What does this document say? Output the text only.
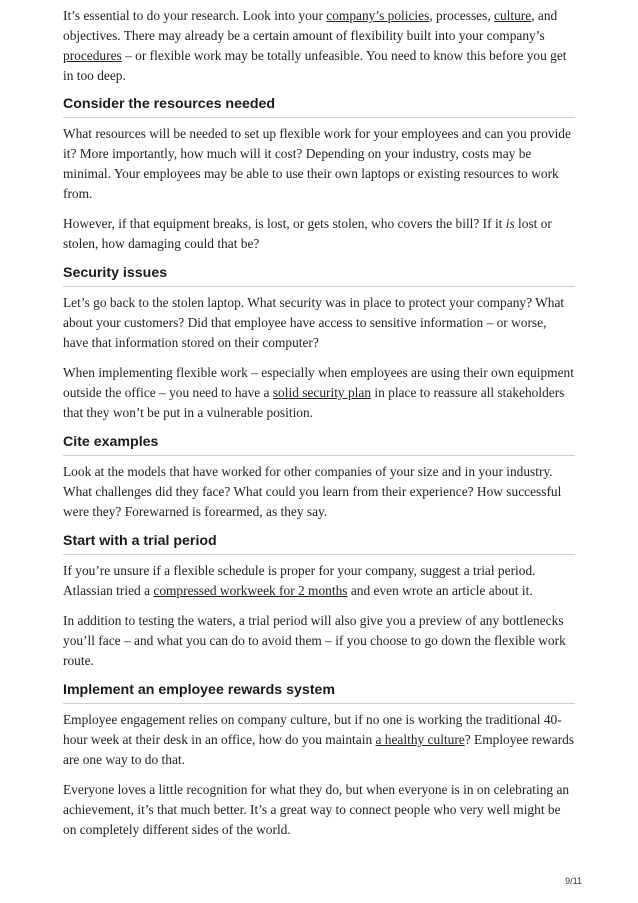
It’s essential to do your research. Look into your company’s policies, processes, culture, and objectives. There may already be a certain amount of flexibility built into your company’s procedures – or flexible work may be totally unfeasible. You need to know this before you get in too deep.

Consider the resources needed

What resources will be needed to set up flexible work for your employees and can you provide it? More importantly, how much will it cost? Depending on your industry, costs may be minimal. Your employees may be able to use their own laptops or existing resources to work from.

However, if that equipment breaks, is lost, or gets stolen, who covers the bill? If it is lost or stolen, how damaging could that be?

Security issues

Let’s go back to the stolen laptop. What security was in place to protect your company? What about your customers? Did that employee have access to sensitive information – or worse, have that information stored on their computer?

When implementing flexible work – especially when employees are using their own equipment outside the office – you need to have a solid security plan in place to reassure all stakeholders that they won’t be put in a vulnerable position.

Cite examples

Look at the models that have worked for other companies of your size and in your industry. What challenges did they face? What could you learn from their experience? How successful were they? Forewarned is forearmed, as they say.

Start with a trial period

If you’re unsure if a flexible schedule is proper for your company, suggest a trial period. Atlassian tried a compressed workweek for 2 months and even wrote an article about it.

In addition to testing the waters, a trial period will also give you a preview of any bottlenecks you’ll face – and what you can do to avoid them – if you choose to go down the flexible work route.

Implement an employee rewards system

Employee engagement relies on company culture, but if no one is working the traditional 40-hour week at their desk in an office, how do you maintain a healthy culture? Employee rewards are one way to do that.

Everyone loves a little recognition for what they do, but when everyone is in on celebrating an achievement, it’s that much better. It’s a great way to connect people who very well might be on completely different sides of the world.

9/11
